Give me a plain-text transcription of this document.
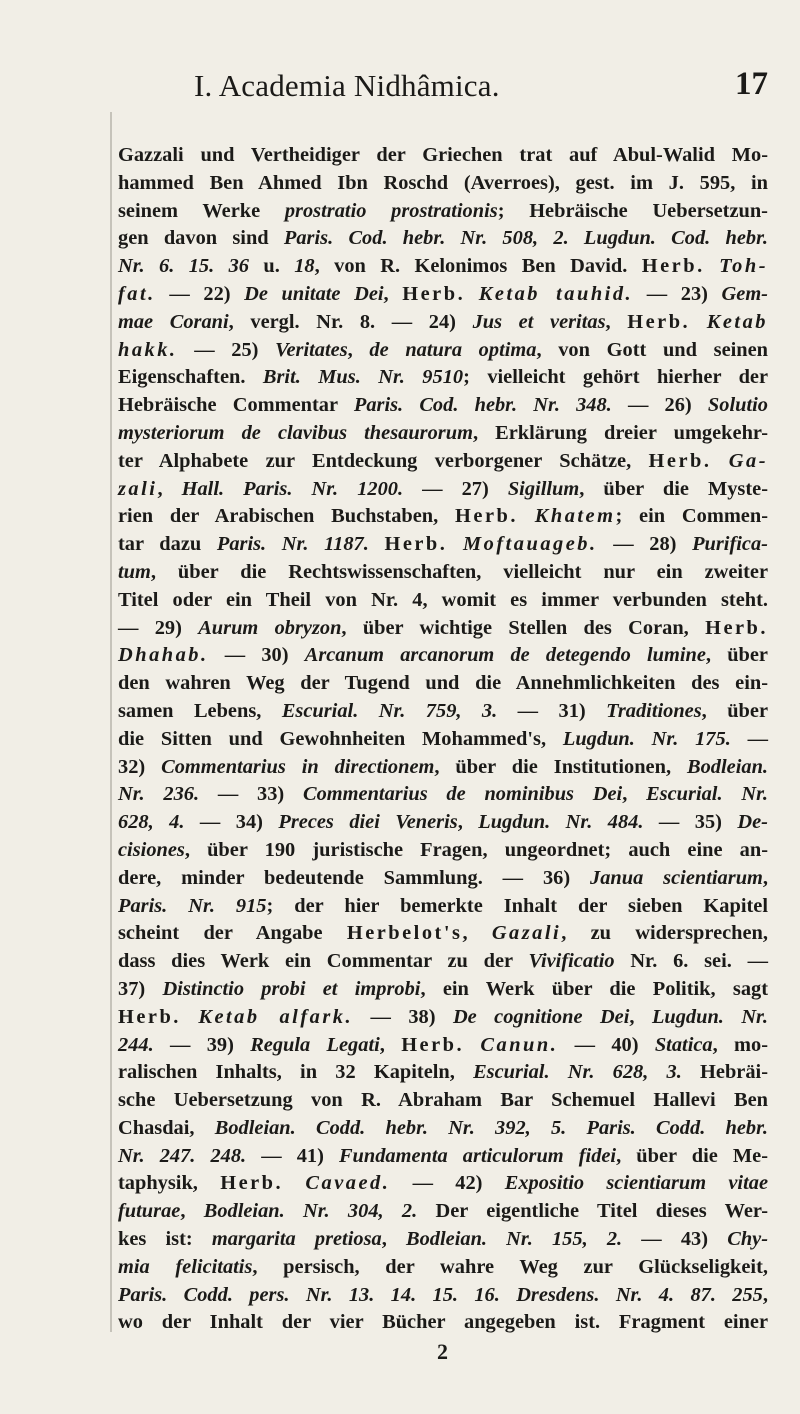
I. Academia Nidhâmica.	17
Gazzali und Vertheidiger der Griechen trat auf Abul-Walid Mo-
hammed Ben Ahmed Ibn Roschd (Averroes), gest. im J. 595, in
seinem Werke prostratio prostrationis; Hebräische Uebersetzun-
gen davon sind Paris. Cod. hebr. Nr. 508, 2. Lugdun. Cod. hebr.
Nr. 6. 15. 36 u. 18, von R. Kelonimos Ben David. Herb. Toh-
fat. — 22) De unitate Dei, Herb. Ketab tauhid. — 23) Gem-
mae Corani, vergl. Nr. 8. — 24) Jus et veritas, Herb. Ketab
hakk. — 25) Veritates, de natura optima, von Gott und seinen
Eigenschaften. Brit. Mus. Nr. 9510; vielleicht gehört hierher der
Hebräische Commentar Paris. Cod. hebr. Nr. 348. — 26) Solutio
mysteriorum de clavibus thesaurorum, Erklärung dreier umgekehr-
ter Alphabete zur Entdeckung verborgener Schätze, Herb. Ga-
zali, Hall. Paris. Nr. 1200. — 27) Sigillum, über die Myste-
rien der Arabischen Buchstaben, Herb. Khatem; ein Commen-
tar dazu Paris. Nr. 1187. Herb. Moftauageb. — 28) Purifica-
tum, über die Rechtswissenschaften, vielleicht nur ein zweiter
Titel oder ein Theil von Nr. 4, womit es immer verbunden steht.
— 29) Aurum obryzon, über wichtige Stellen des Coran, Herb.
Dhahab. — 30) Arcanum arcanorum de detegendo lumine, über
den wahren Weg der Tugend und die Annehmlichkeiten des ein-
samen Lebens, Escurial. Nr. 759, 3. — 31) Traditiones, über
die Sitten und Gewohnheiten Mohammed's, Lugdun. Nr. 175. —
32) Commentarius in directionem, über die Institutionen, Bodleian.
Nr. 236. — 33) Commentarius de nominibus Dei, Escurial. Nr.
628, 4. — 34) Preces diei Veneris, Lugdun. Nr. 484. — 35) De-
cisiones, über 190 juristische Fragen, ungeordnet; auch eine an-
dere, minder bedeutende Sammlung. — 36) Janua scientiarum,
Paris. Nr. 915; der hier bemerkte Inhalt der sieben Kapitel
scheint der Angabe Herbelot's, Gazali, zu widersprechen,
dass dies Werk ein Commentar zu der Vivificatio Nr. 6. sei. —
37) Distinctio probi et improbi, ein Werk über die Politik, sagt
Herb. Ketab alfark. — 38) De cognitione Dei, Lugdun. Nr.
244. — 39) Regula Legati, Herb. Canun. — 40) Statica, mo-
ralischen Inhalts, in 32 Kapiteln, Escurial. Nr. 628, 3. Hebräi-
sche Uebersetzung von R. Abraham Bar Schemuel Hallevi Ben
Chasdai, Bodleian. Codd. hebr. Nr. 392, 5. Paris. Codd. hebr.
Nr. 247. 248. — 41) Fundamenta articulorum fidei, über die Me-
taphysik, Herb. Cavaed. — 42) Expositio scientiarum vitae
futurae, Bodleian. Nr. 304, 2. Der eigentliche Titel dieses Wer-
kes ist: margarita pretiosa, Bodleian. Nr. 155, 2. — 43) Chy-
mia felicitatis, persisch, der wahre Weg zur Glückseligkeit,
Paris. Codd. pers. Nr. 13. 14. 15. 16. Dresdens. Nr. 4. 87. 255,
wo der Inhalt der vier Bücher angegeben ist. Fragment einer
2
